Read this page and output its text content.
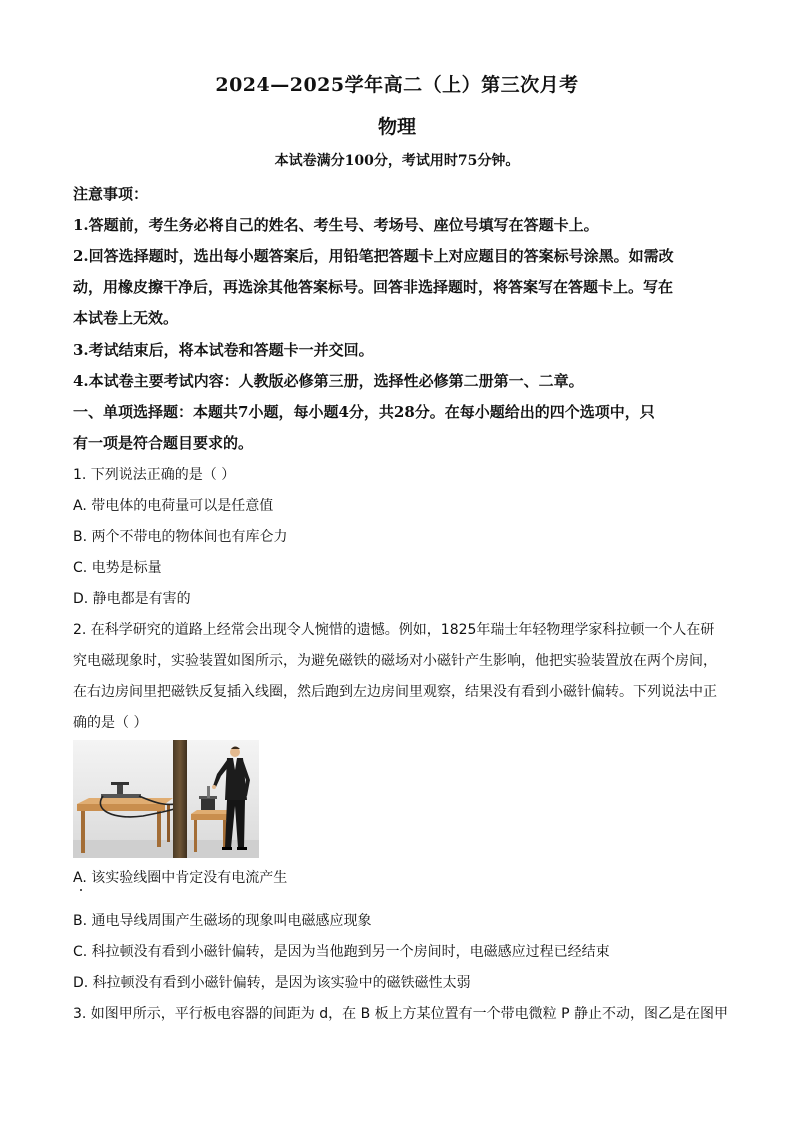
2024—2025学年高二（上）第三次月考
物理
本试卷满分100分，考试用时75分钟。
注意事项：
1.答题前，考生务必将自己的姓名、考生号、考场号、座位号填写在答题卡上。
2.回答选择题时，选出每小题答案后，用铅笔把答题卡上对应题目的答案标号涂黑。如需改
动，用橡皮擦干净后，再选涂其他答案标号。回答非选择题时，将答案写在答题卡上。写在
本试卷上无效。
3.考试结束后，将本试卷和答题卡一并交回。
4.本试卷主要考试内容：人教版必修第三册，选择性必修第二册第一、二章。
一、单项选择题：本题共7小题，每小题4分，共28分。在每小题给出的四个选项中，只
有一项是符合题目要求的。
1. 下列说法正确的是（ ）
A. 带电体的电荷量可以是任意值
B. 两个不带电的物体间也有库仑力
C. 电势是标量
D. 静电都是有害的
2. 在科学研究的道路上经常会出现令人惋惜的遗憾。例如，1825年瑞士年轻物理学家科拉顿一个人在研
究电磁现象时，实验装置如图所示，为避免磁铁的磁场对小磁针产生影响，他把实验装置放在两个房间，
在右边房间里把磁铁反复插入线圈，然后跑到左边房间里观察，结果没有看到小磁针偏转。下列说法中正
确的是（ ）
A. 该实验线圈中肯定没有电流产生
B. 通电导线周围产生磁场的现象叫电磁感应现象
C. 科拉顿没有看到小磁针偏转，是因为当他跑到另一个房间时，电磁感应过程已经结束
D. 科拉顿没有看到小磁针偏转，是因为该实验中的磁铁磁性太弱
3. 如图甲所示，平行板电容器的间距为 d，在 B 板上方某位置有一个带电微粒 P 静止不动，图乙是在图甲
